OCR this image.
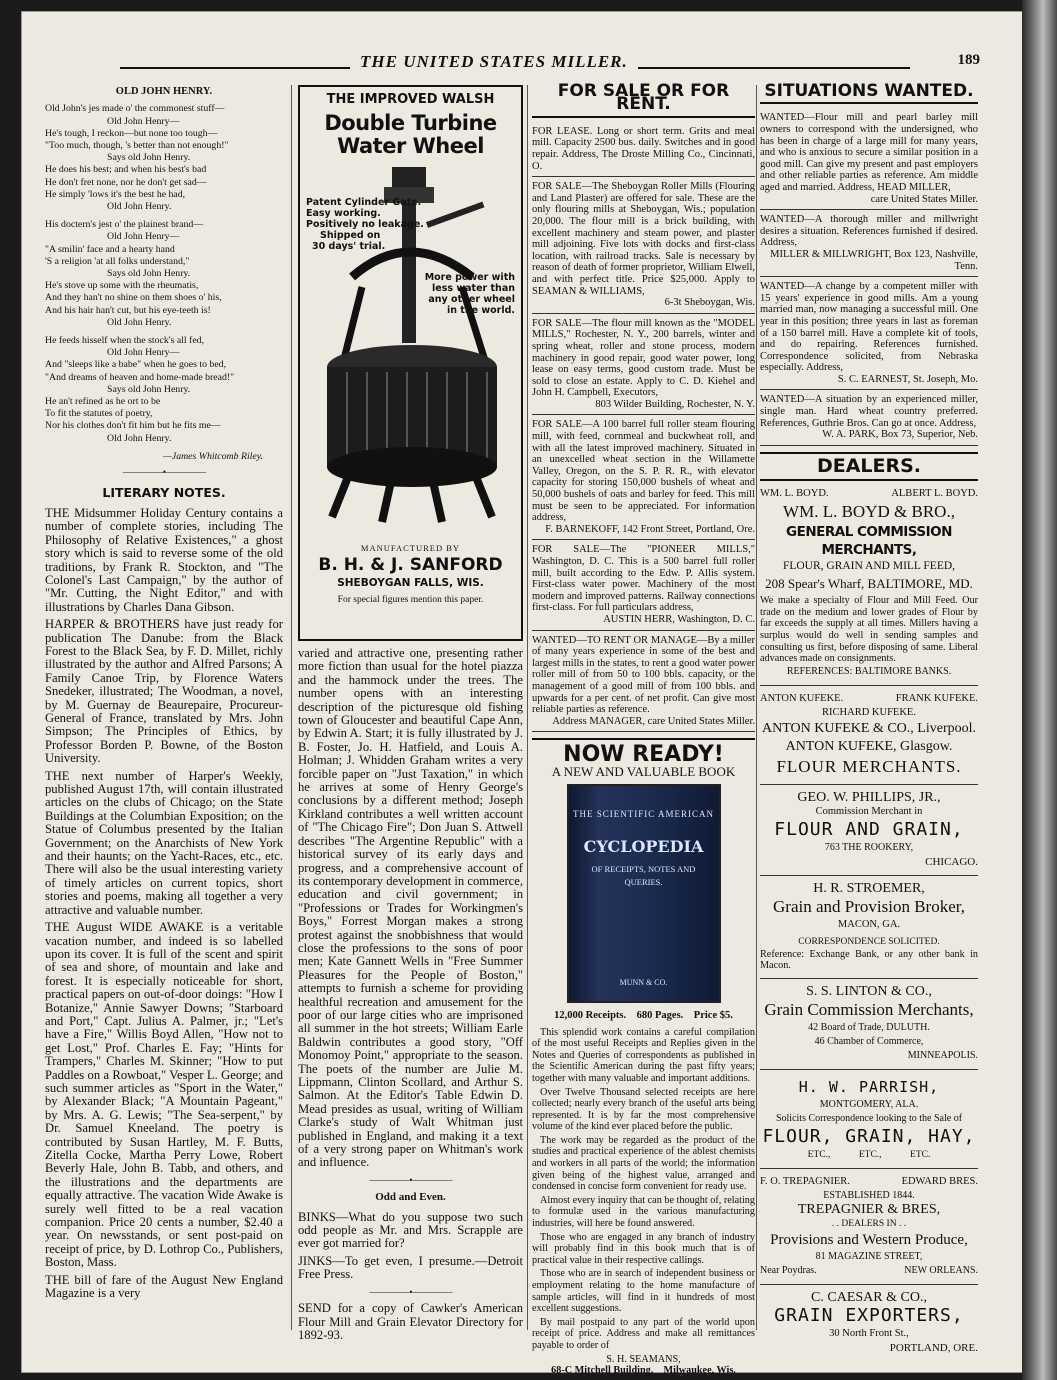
THE UNITED STATES MILLER.	189
OLD JOHN HENRY.

Old John's jes made o' the commonest stuff—
Old John Henry—
He's tough, I reckon—but none too tough—
"Too much, though, 's better than not enough!"
Says old John Henry.
He does his best; and when his best's bad
He don't fret none, nor he don't get sad—
He simply 'lows it's the best he had,
Old John Henry.

His doctern's jest o' the plainest brand—
Old John Henry—
"A smilin' face and a hearty hand
'S a religion 'at all folks understand,"
Says old John Henry.
He's stove up some with the rheumatis,
And they han't no shine on them shoes o' his,
And his hair han't cut, but his eye-teeth is!
Old John Henry.

He feeds hisself when the stock's all fed,
Old John Henry—
And "sleeps like a babe" when he goes to bed,
"And dreams of heaven and home-made bread!"
Says old John Henry.
He an't refined as he ort to be
To fit the statutes of poetry,
Nor his clothes don't fit him but he fits me—
Old John Henry.

—James Whitcomb Riley.
—————•—————
LITERARY NOTES.

THE Midsummer Holiday Century contains a number of complete stories, including The Philosophy of Relative Existences," a ghost story which is said to reverse some of the old traditions, by Frank R. Stockton, and "The Colonel's Last Campaign," by the author of "Mr. Cutting, the Night Editor," and with illustrations by Charles Dana Gibson.

HARPER & BROTHERS have just ready for publication The Danube: from the Black Forest to the Black Sea, by F. D. Millet, richly illustrated by the author and Alfred Parsons; A Family Canoe Trip, by Florence Waters Snedeker, illustrated; The Woodman, a novel, by M. Guernay de Beaurepaire, Procureur-General of France, translated by Mrs. John Simpson; The Principles of Ethics, by Professor Borden P. Bowne, of the Boston University.

THE next number of Harper's Weekly, published August 17th, will contain illustrated articles on the clubs of Chicago; on the State Buildings at the Columbian Exposition; on the Statue of Columbus presented by the Italian Government; on the Anarchists of New York and their haunts; on the Yacht-Races, etc., etc. There will also be the usual interesting variety of timely articles on current topics, short stories and poems, making all together a very attractive and valuable number.

THE August WIDE AWAKE is a veritable vacation number, and indeed is so labelled upon its cover. It is full of the scent and spirit of sea and shore, of mountain and lake and forest. It is especially noticeable for short, practical papers on out-of-door doings: "How I Botanize," Annie Sawyer Downs; "Starboard and Port," Capt. Julius A. Palmer, jr.; "Let's have a Fire," Willis Boyd Allen, "How not to get Lost," Prof. Charles E. Fay; "Hints for Trampers," Charles M. Skinner; "How to put Paddles on a Rowboat," Vesper L. George; and such summer articles as "Sport in the Water," by Alexander Black; "A Mountain Pageant," by Mrs. A. G. Lewis; "The Sea-serpent," by Dr. Samuel Kneeland. The poetry is contributed by Susan Hartley, M. F. Butts, Zitella Cocke, Martha Perry Lowe, Robert Beverly Hale, John B. Tabb, and others, and the illustrations and the departments are equally attractive. The vacation Wide Awake is surely well fitted to be a real vacation companion. Price 20 cents a number, $2.40 a year. On newsstands, or sent post-paid on receipt of price, by D. Lothrop Co., Publishers, Boston, Mass.

THE bill of fare of the August New England Magazine is a very

THE IMPROVED WALSH
Double Turbine Water Wheel
Patent Cylinder Gate.
Easy working.
Positively no leakage.
Shipped on
30 days' trial.
More power with
less water than
any other wheel
in the world.
MANUFACTURED BY
B. H. & J. SANFORD
SHEBOYGAN FALLS, WIS.
For special figures mention this paper.

varied and attractive one, presenting rather more fiction than usual for the hotel piazza and the hammock under the trees. The number opens with an interesting description of the picturesque old fishing town of Gloucester and beautiful Cape Ann, by Edwin A. Start; it is fully illustrated by J. B. Foster, Jo. H. Hatfield, and Louis A. Holman; J. Whidden Graham writes a very forcible paper on "Just Taxation," in which he arrives at some of Henry George's conclusions by a different method; Joseph Kirkland contributes a well written account of "The Chicago Fire"; Don Juan S. Attwell describes "The Argentine Republic" with a historical survey of its early days and progress, and a comprehensive account of its contemporary development in commerce, education and civil government; in "Professions or Trades for Workingmen's Boys," Forrest Morgan makes a strong protest against the snobbishness that would close the professions to the sons of poor men; Kate Gannett Wells in "Free Summer Pleasures for the People of Boston," attempts to furnish a scheme for providing healthful recreation and amusement for the poor of our large cities who are imprisoned all summer in the hot streets; William Earle Baldwin contributes a good story, "Off Monomoy Point," appropriate to the season. The poets of the number are Julie M. Lippmann, Clinton Scollard, and Arthur S. Salmon. At the Editor's Table Edwin D. Mead presides as usual, writing of William Clarke's study of Walt Whitman just published in England, and making it a text of a very strong paper on Whitman's work and influence.

—————•—————
Odd and Even.

BINKS—What do you suppose two such odd people as Mr. and Mrs. Scrapple are ever got married for?

JINKS—To get even, I presume.—Detroit Free Press.

—————•—————

SEND for a copy of Cawker's American Flour Mill and Grain Elevator Directory for 1892-93.

FOR SALE OR FOR RENT.
FOR LEASE. Long or short term. Grits and meal mill. Capacity 2500 bus. daily. Switches and in good repair. Address, The Droste Milling Co., Cincinnati, O.
FOR SALE—The Sheboygan Roller Mills (Flouring and Land Plaster) are offered for sale. These are the only flouring mills at Sheboygan, Wis.; population 20,000. The flour mill is a brick building, with excellent machinery and steam power, and plaster mill adjoining. Five lots with docks and first-class location, with railroad tracks. Sale is necessary by reason of death of former proprietor, William Elwell, and with perfect title. Price $25,000. Apply to SEAMAN & WILLIAMS,
6-3t Sheboygan, Wis.
FOR SALE—The flour mill known as the "MODEL MILLS," Rochester, N. Y., 200 barrels, winter and spring wheat, roller and stone process, modern machinery in good repair, good water power, long lease on easy terms, good custom trade. Must be sold to close an estate. Apply to C. D. Kiehel and John H. Campbell, Executors,
803 Wilder Building, Rochester, N. Y.
FOR SALE—A 100 barrel full roller steam flouring mill, with feed, cornmeal and buckwheat roll, and with all the latest improved machinery. Situated in an unexcelled wheat section in the Willamette Valley, Oregon, on the S. P. R. R., with elevator capacity for storing 150,000 bushels of wheat and 50,000 bushels of oats and barley for feed. This mill must be seen to be appreciated. For information address,
F. BARNEKOFF, 142 Front Street, Portland, Ore.
FOR SALE—The "PIONEER MILLS," Washington, D. C. This is a 500 barrel full roller mill, built according to the Edw. P. Allis system. First-class water power. Machinery of the most modern and improved patterns. Railway connections first-class. For full particulars address,
AUSTIN HERR, Washington, D. C.
WANTED—TO RENT OR MANAGE—By a miller of many years experience in some of the best and largest mills in the states, to rent a good water power roller mill of from 50 to 100 bbls. capacity, or the management of a good mill of from 100 bbls. and upwards for a per cent. of net profit. Can give most reliable parties as reference.
Address MANAGER, care United States Miller.
NOW READY!
A NEW AND VALUABLE BOOK
THE SCIENTIFIC AMERICAN
CYCLOPEDIA
OF RECEIPTS, NOTES AND QUERIES.
MUNN & CO.
12,000 Receipts.    680 Pages.    Price $5.

This splendid work contains a careful compilation of the most useful Receipts and Replies given in the Notes and Queries of correspondents as published in the Scientific American during the past fifty years; together with many valuable and important additions.

Over Twelve Thousand selected receipts are here collected; nearly every branch of the useful arts being represented. It is by far the most comprehensive volume of the kind ever placed before the public.

The work may be regarded as the product of the studies and practical experience of the ablest chemists and workers in all parts of the world; the information given being of the highest value, arranged and condensed in concise form convenient for ready use.

Almost every inquiry that can be thought of, relating to formulæ used in the various manufacturing industries, will here be found answered.

Those who are engaged in any branch of industry will probably find in this book much that is of practical value in their respective callings.

Those who are in search of independent business or employment relating to the home manufacture of sample articles, will find in it hundreds of most excellent suggestions.

By mail postpaid to any part of the world upon receipt of price. Address and make all remittances payable to order of

S. H. SEAMANS,
68-C Mitchell Building.    Milwaukee, Wis.
SITUATIONS WANTED.
WANTED—Flour mill and pearl barley mill owners to correspond with the undersigned, who has been in charge of a large mill for many years, and who is anxious to secure a similar position in a good mill. Can give my present and past employers and other reliable parties as reference. Am middle aged and married. Address, HEAD MILLER,
care United States Miller.
WANTED—A thorough miller and millwright desires a situation. References furnished if desired. Address,
MILLER & MILLWRIGHT, Box 123, Nashville, Tenn.
WANTED—A change by a competent miller with 15 years' experience in good mills. Am a young married man, now managing a successful mill. One year in this position; three years in last as foreman of a 150 barrel mill. Have a complete kit of tools, and do repairing. References furnished. Correspondence solicited, from Nebraska especially. Address,
S. C. EARNEST, St. Joseph, Mo.
WANTED—A situation by an experienced miller, single man. Hard wheat country preferred. References, Guthrie Bros. Can go at once. Address,
W. A. PARK, Box 73, Superior, Neb.
DEALERS.
WM. L. BOYD.	ALBERT L. BOYD.
WM. L. BOYD & BRO.,
GENERAL COMMISSION MERCHANTS,
FLOUR, GRAIN AND MILL FEED,
208 Spear's Wharf, BALTIMORE, MD.
We make a specialty of Flour and Mill Feed. Our trade on the medium and lower grades of Flour by far exceeds the supply at all times. Millers having a surplus would do well in sending samples and consulting us first, before disposing of same. Liberal advances made on consignments.
REFERENCES: BALTIMORE BANKS.
ANTON KUFEKE.	FRANK KUFEKE.
RICHARD KUFEKE.
ANTON KUFEKE & CO., Liverpool.
ANTON KUFEKE, Glasgow.
FLOUR MERCHANTS.
GEO. W. PHILLIPS, JR.,
Commission Merchant in
FLOUR AND GRAIN,
763 THE ROOKERY,
CHICAGO.
H. R. STROEMER,
Grain and Provision Broker,
MACON, GA.
CORRESPONDENCE SOLICITED.
Reference: Exchange Bank, or any other bank in Macon.
S. S. LINTON & CO.,
Grain Commission Merchants,
42 Board of Trade, DULUTH.
46 Chamber of Commerce,
MINNEAPOLIS.
H. W. PARRISH,
MONTGOMERY, ALA.
Solicits Correspondence looking to the Sale of
FLOUR, GRAIN, HAY,
ETC.,            ETC.,            ETC.
F. O. TREPAGNIER.	EDWARD BRES.
ESTABLISHED 1844.
TREPAGNIER & BRES,
. . DEALERS IN . .
Provisions and Western Produce,
81 MAGAZINE STREET,
Near Poydras.	NEW ORLEANS.
C. CAESAR & CO.,
GRAIN EXPORTERS,
30 North Front St.,
PORTLAND, ORE.
